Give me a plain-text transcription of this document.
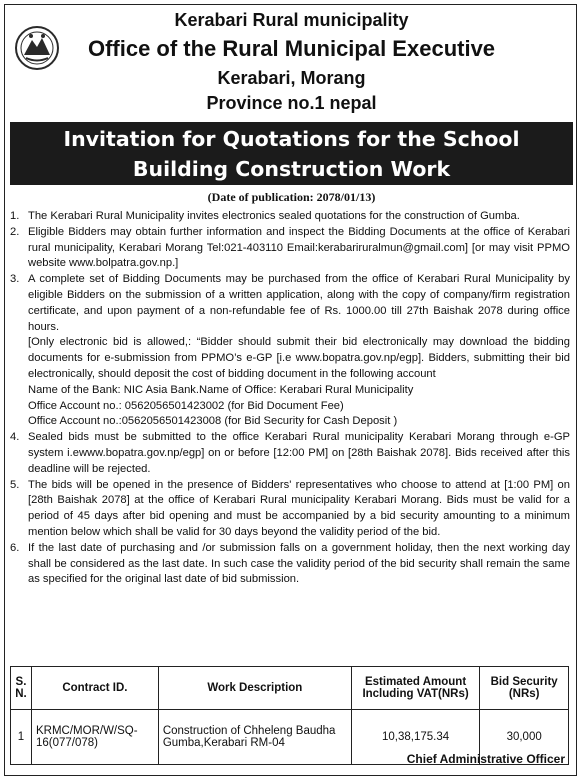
Kerabari Rural municipality
Office of the Rural Municipal Executive
Kerabari, Morang
Province no.1 nepal
Invitation for Quotations for the School
Building Construction Work
(Date of publication: 2078/01/13)
1. The Kerabari Rural Municipality invites electronics sealed quotations for the construction of Gumba.

2. Eligible Bidders may obtain further information and inspect the Bidding Documents at the office of Kerabari rural municipality, Kerabari Morang Tel:021-403110 Email:kerabariruralmun@gmail.com] [or may visit PPMO website www.bolpatra.gov.np.]

3. A complete set of Bidding Documents may be purchased from the office of Kerabari Rural Municipality by eligible Bidders on the submission of a written application, along with the copy of company/firm registration certificate, and upon payment of a non-refundable fee of Rs. 1000.00 till 27th Baishak 2078 during office hours.

[Only electronic bid is allowed,: “Bidder should submit their bid electronically may download the bidding documents for e-submission from PPMO’s e-GP [i.e www.bopatra.gov.np/egp]. Bidders, submitting their bid electronically, should deposit the cost of bidding document in the following account

Name of the Bank: NIC Asia Bank.Name of Office: Kerabari Rural Municipality

Office Account no.: 0562056501423002 (for Bid Document Fee)

Office Account no.:0562056501423008 (for Bid Security for Cash Deposit )

4. Sealed bids must be submitted to the office Kerabari Rural municipality Kerabari Morang through e-GP system i.ewww.bopatra.gov.np/egp] on or before [12:00 PM] on [28th Baishak 2078]. Bids received after this deadline will be rejected.

5. The bids will be opened in the presence of Bidders' representatives who choose to attend at [1:00 PM] on [28th Baishak 2078] at the office of Kerabari Rural municipality Kerabari Morang. Bids must be valid for a period of 45 days after bid opening and must be accompanied by a bid security amounting to a minimum mention below which shall be valid for 30 days beyond the validity period of the bid.

6. If the last date of purchasing and /or submission falls on a government holiday, then the next working day shall be considered as the last date. In such case the validity period of the bid security shall remain the same as specified for the original last date of bid submission.

S. N.	Contract ID.	Work Description	Estimated Amount Including VAT(NRs)	Bid Security (NRs)
1	KRMC/MOR/W/SQ-16(077/078)	Construction of Chheleng Baudha Gumba,Kerabari RM-04	10,38,175.34	30,000
Chief Administrative Officer
